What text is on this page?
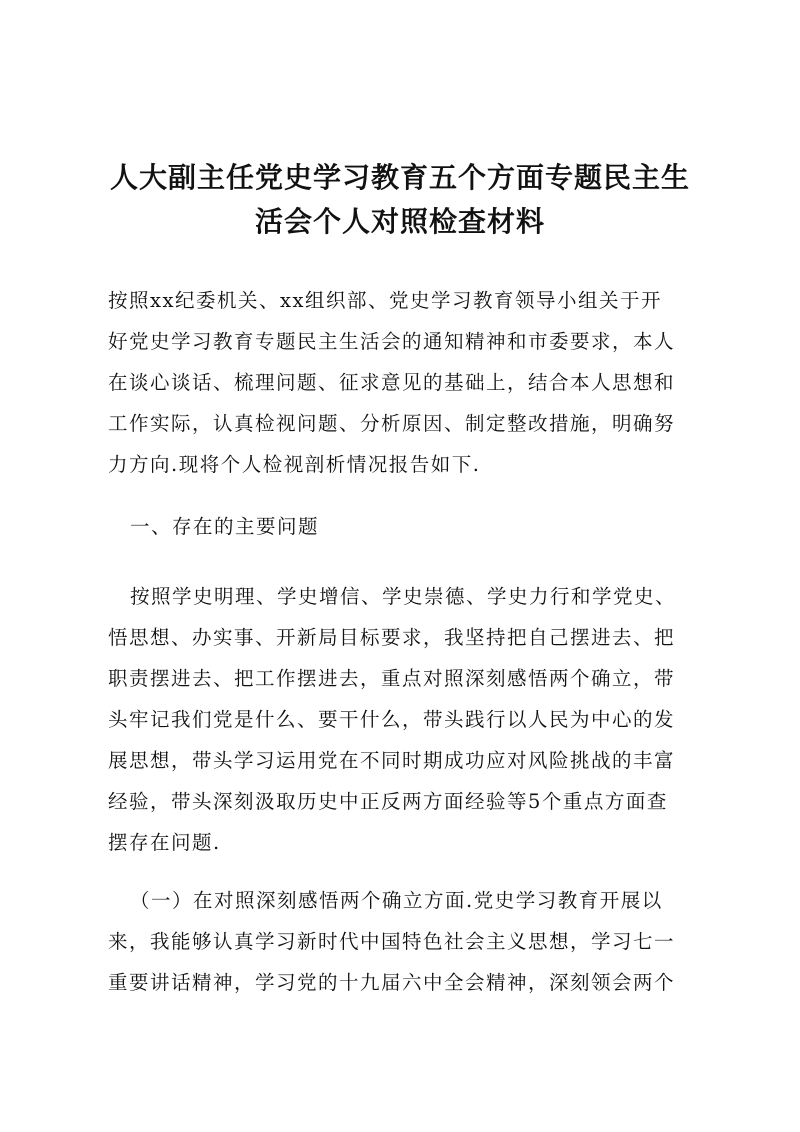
人大副主任党史学习教育五个方面专题民主生
活会个人对照检查材料

按照xx纪委机关、xx组织部、党史学习教育领导小组关于开
好党史学习教育专题民主生活会的通知精神和市委要求，本人
在谈心谈话、梳理问题、征求意见的基础上，结合本人思想和
工作实际，认真检视问题、分析原因、制定整改措施，明确努
力方向.现将个人检视剖析情况报告如下.

一、存在的主要问题

按照学史明理、学史增信、学史崇德、学史力行和学党史、
悟思想、办实事、开新局目标要求，我坚持把自己摆进去、把
职责摆进去、把工作摆进去，重点对照深刻感悟两个确立，带
头牢记我们党是什么、要干什么，带头践行以人民为中心的发
展思想，带头学习运用党在不同时期成功应对风险挑战的丰富
经验，带头深刻汲取历史中正反两方面经验等5个重点方面查
摆存在问题.

（一）在对照深刻感悟两个确立方面.党史学习教育开展以
来，我能够认真学习新时代中国特色社会主义思想，学习七一
重要讲话精神，学习党的十九届六中全会精神，深刻领会两个
